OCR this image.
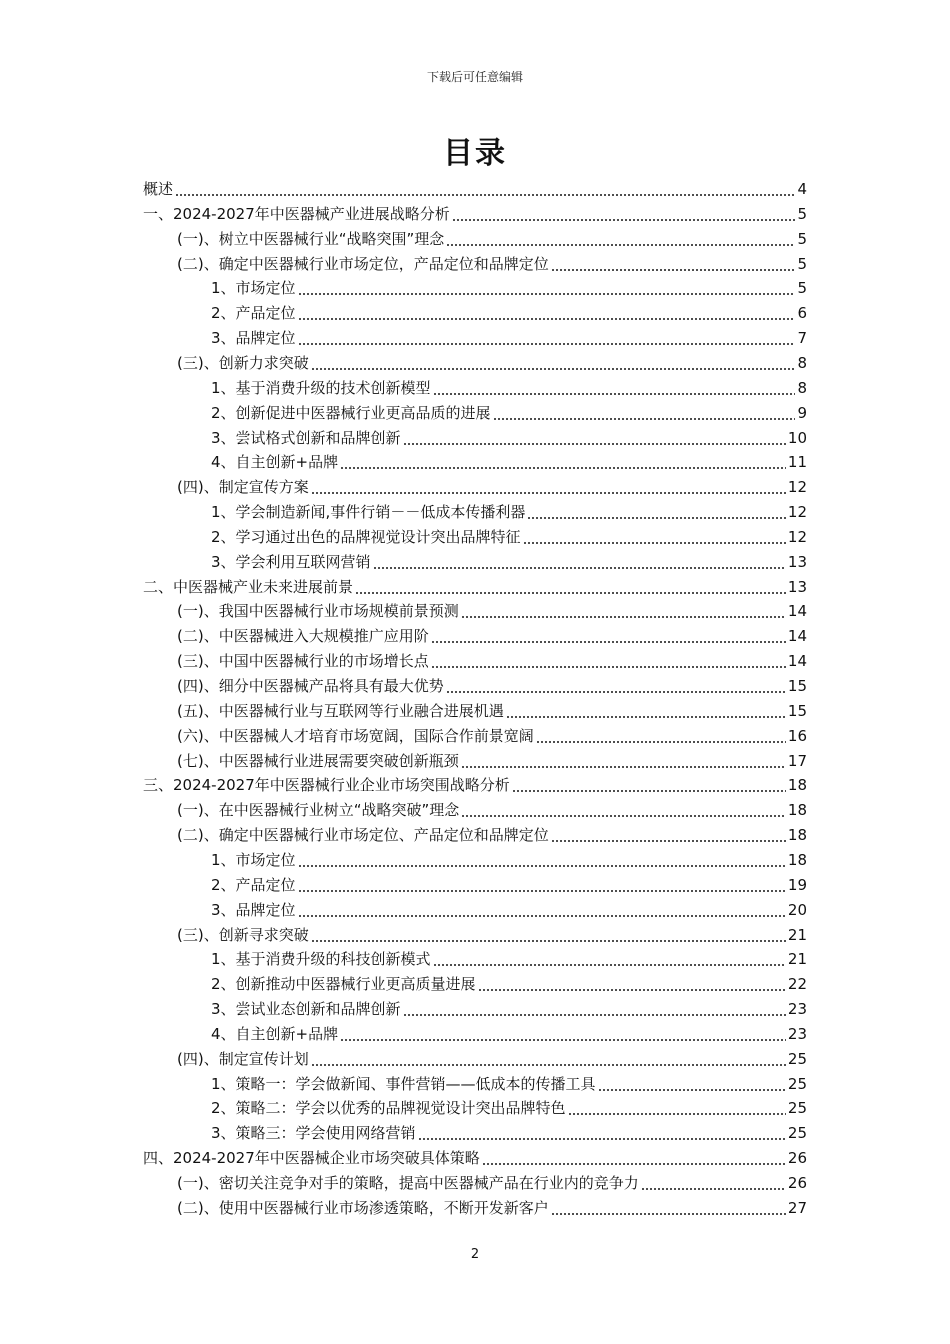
下载后可任意编辑
目录
概述	4
一、2024-2027年中医器械产业进展战略分析	5
(一)、树立中医器械行业“战略突围”理念	5
(二)、确定中医器械行业市场定位，产品定位和品牌定位	5
1、市场定位	5
2、产品定位	6
3、品牌定位	7
(三)、创新力求突破	8
1、基于消费升级的技术创新模型	8
2、创新促进中医器械行业更高品质的进展	9
3、尝试格式创新和品牌创新	10
4、自主创新+品牌	11
(四)、制定宣传方案	12
1、学会制造新闻,事件行销－－低成本传播利器	12
2、学习通过出色的品牌视觉设计突出品牌特征	12
3、学会利用互联网营销	13
二、中医器械产业未来进展前景	13
(一)、我国中医器械行业市场规模前景预测	14
(二)、中医器械进入大规模推广应用阶	14
(三)、中国中医器械行业的市场增长点	14
(四)、细分中医器械产品将具有最大优势	15
(五)、中医器械行业与互联网等行业融合进展机遇	15
(六)、中医器械人才培育市场宽阔，国际合作前景宽阔	16
(七)、中医器械行业进展需要突破创新瓶颈	17
三、2024-2027年中医器械行业企业市场突围战略分析	18
(一)、在中医器械行业树立“战略突破”理念	18
(二)、确定中医器械行业市场定位、产品定位和品牌定位	18
1、市场定位	18
2、产品定位	19
3、品牌定位	20
(三)、创新寻求突破	21
1、基于消费升级的科技创新模式	21
2、创新推动中医器械行业更高质量进展	22
3、尝试业态创新和品牌创新	23
4、自主创新+品牌	23
(四)、制定宣传计划	25
1、策略一：学会做新闻、事件营销——低成本的传播工具	25
2、策略二：学会以优秀的品牌视觉设计突出品牌特色	25
3、策略三：学会使用网络营销	25
四、2024-2027年中医器械企业市场突破具体策略	26
(一)、密切关注竞争对手的策略，提高中医器械产品在行业内的竞争力	26
(二)、使用中医器械行业市场渗透策略，不断开发新客户	27
2
